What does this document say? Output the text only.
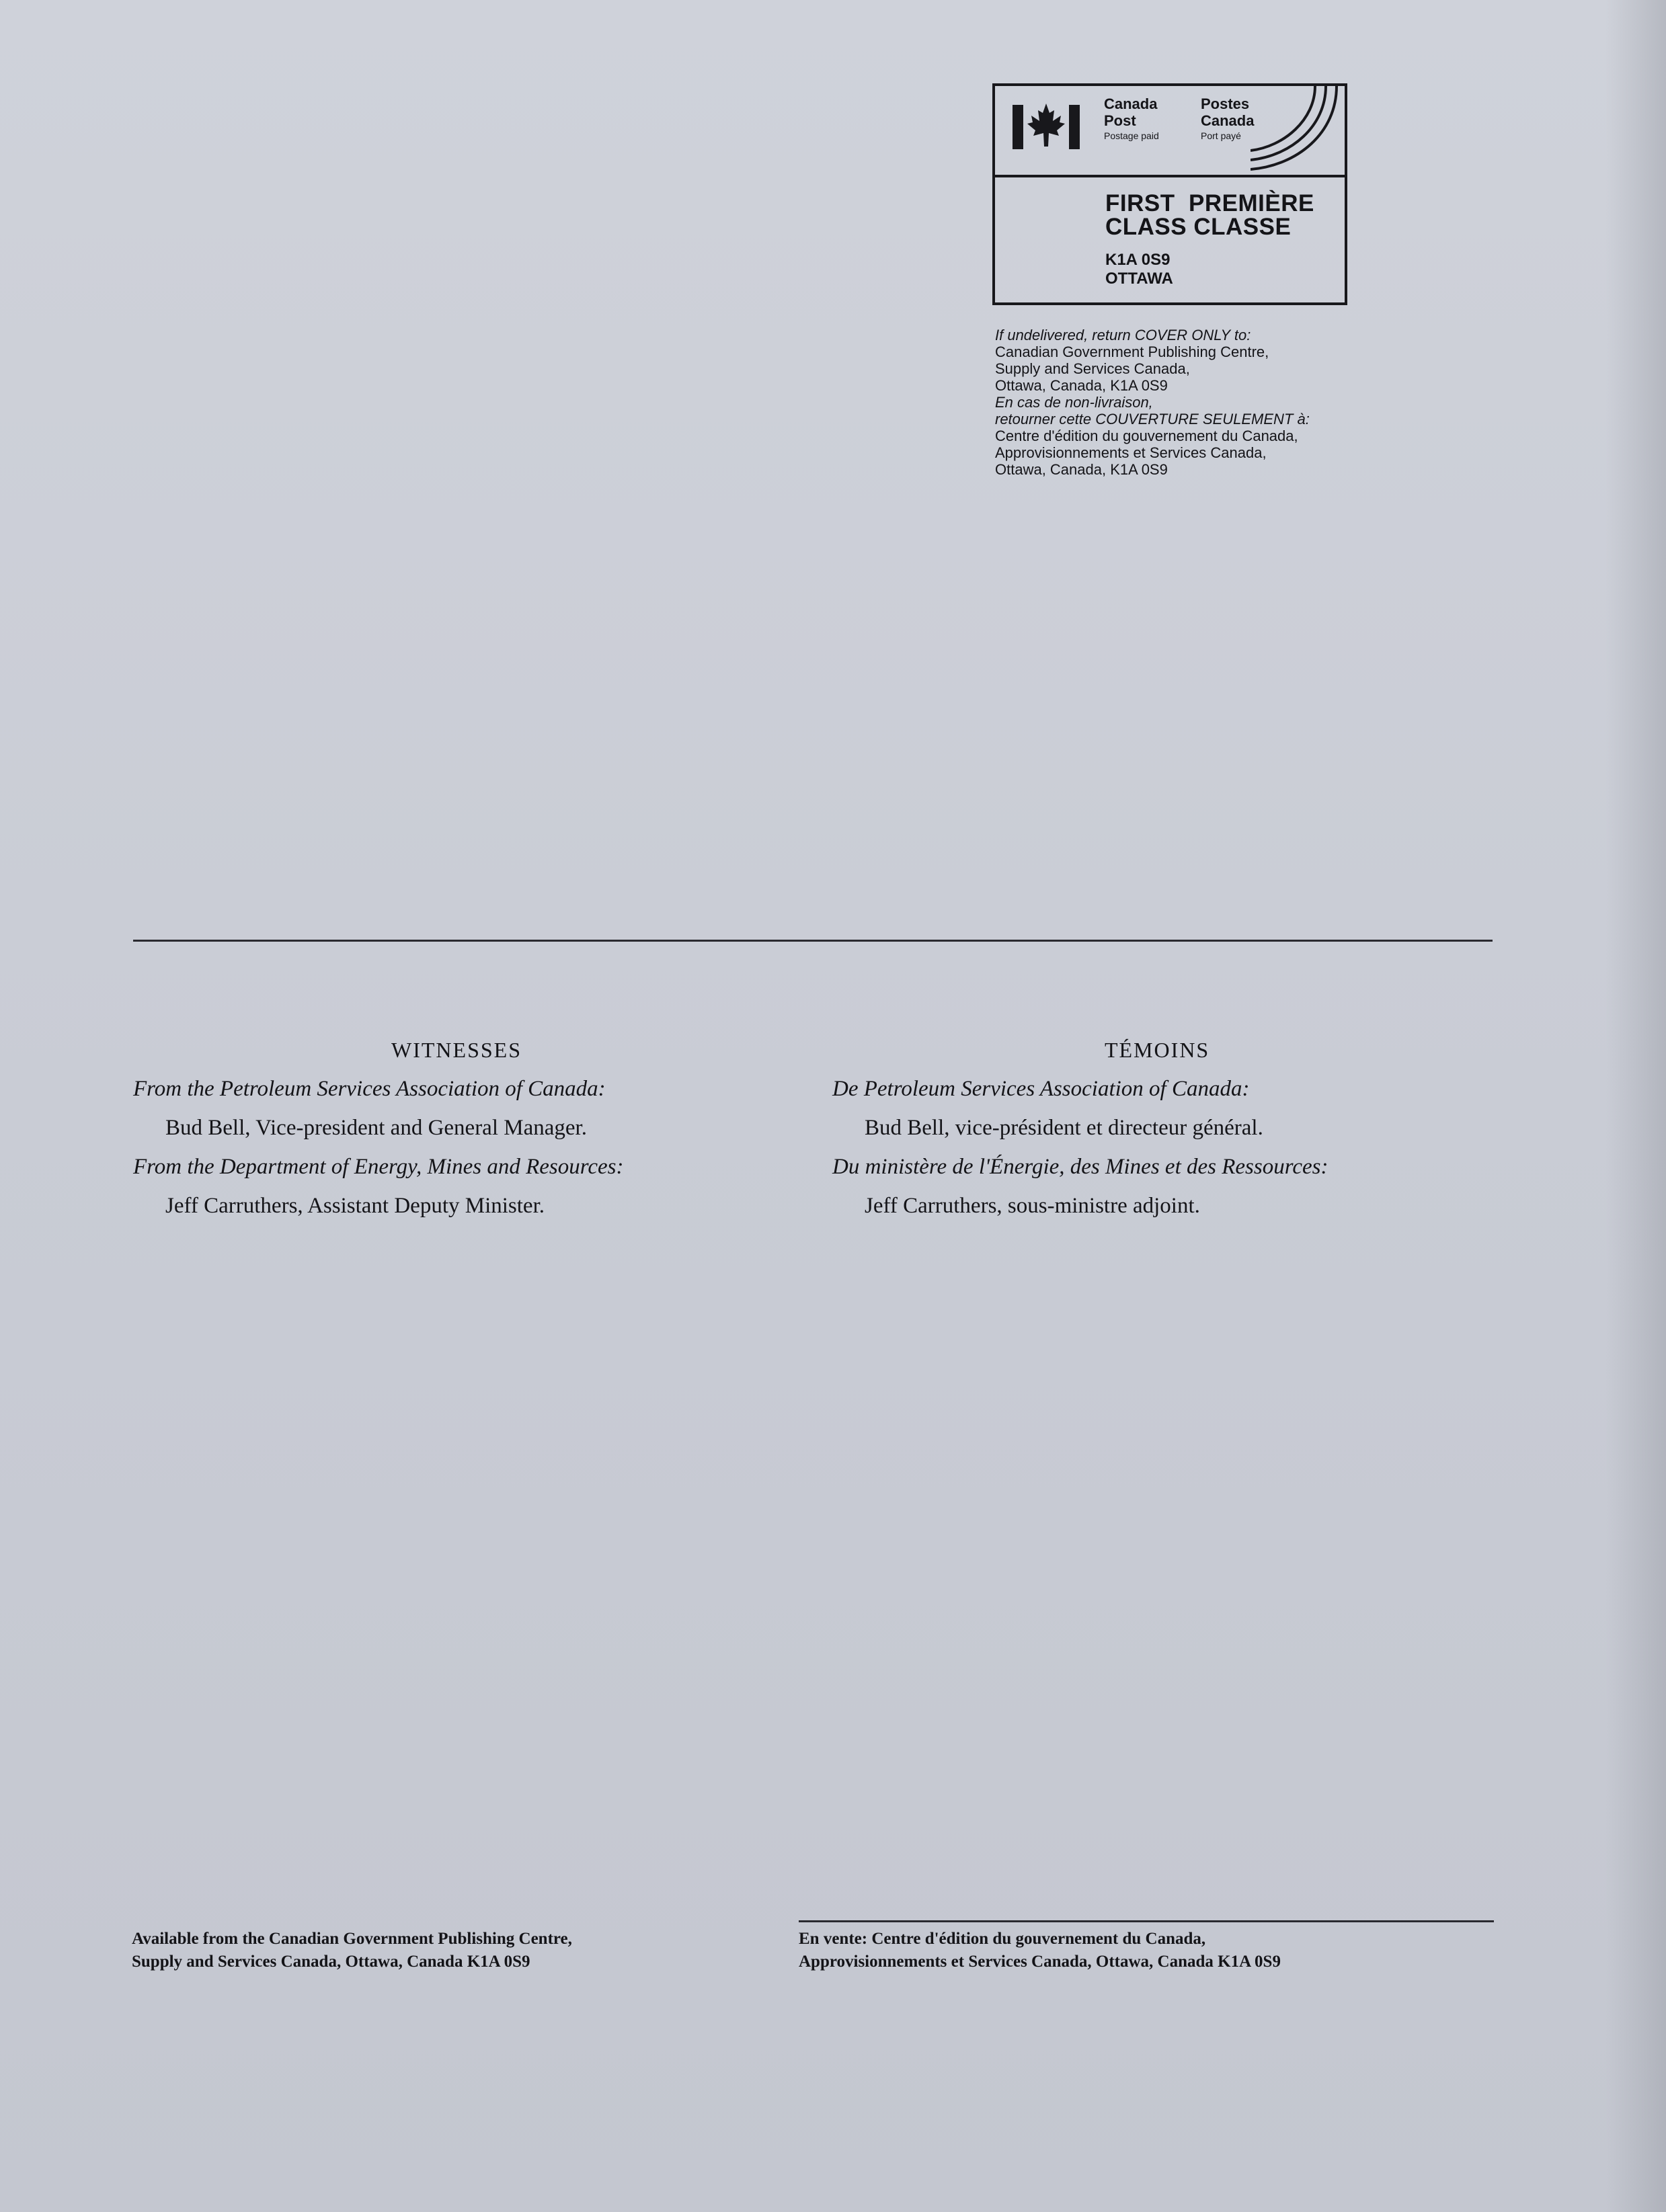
Canada
Post
Postage paid
Postes
Canada
Port payé
FIRST  PREMIÈRE
CLASS CLASSE
K1A 0S9
OTTAWA
If undelivered, return COVER ONLY to:
Canadian Government Publishing Centre,
Supply and Services Canada,
Ottawa, Canada, K1A 0S9
En cas de non-livraison,
retourner cette COUVERTURE SEULEMENT à:
Centre d'édition du gouvernement du Canada,
Approvisionnements et Services Canada,
Ottawa, Canada, K1A 0S9
WITNESSES
From the Petroleum Services Association of Canada:
Bud Bell, Vice-president and General Manager.
From the Department of Energy, Mines and Resources:
Jeff Carruthers, Assistant Deputy Minister.
TÉMOINS
De Petroleum Services Association of Canada:
Bud Bell, vice-président et directeur général.
Du ministère de l'Énergie, des Mines et des Ressources:
Jeff Carruthers, sous-ministre adjoint.
Available from the Canadian Government Publishing Centre,
Supply and Services Canada, Ottawa, Canada K1A 0S9
En vente: Centre d'édition du gouvernement du Canada,
Approvisionnements et Services Canada, Ottawa, Canada K1A 0S9
